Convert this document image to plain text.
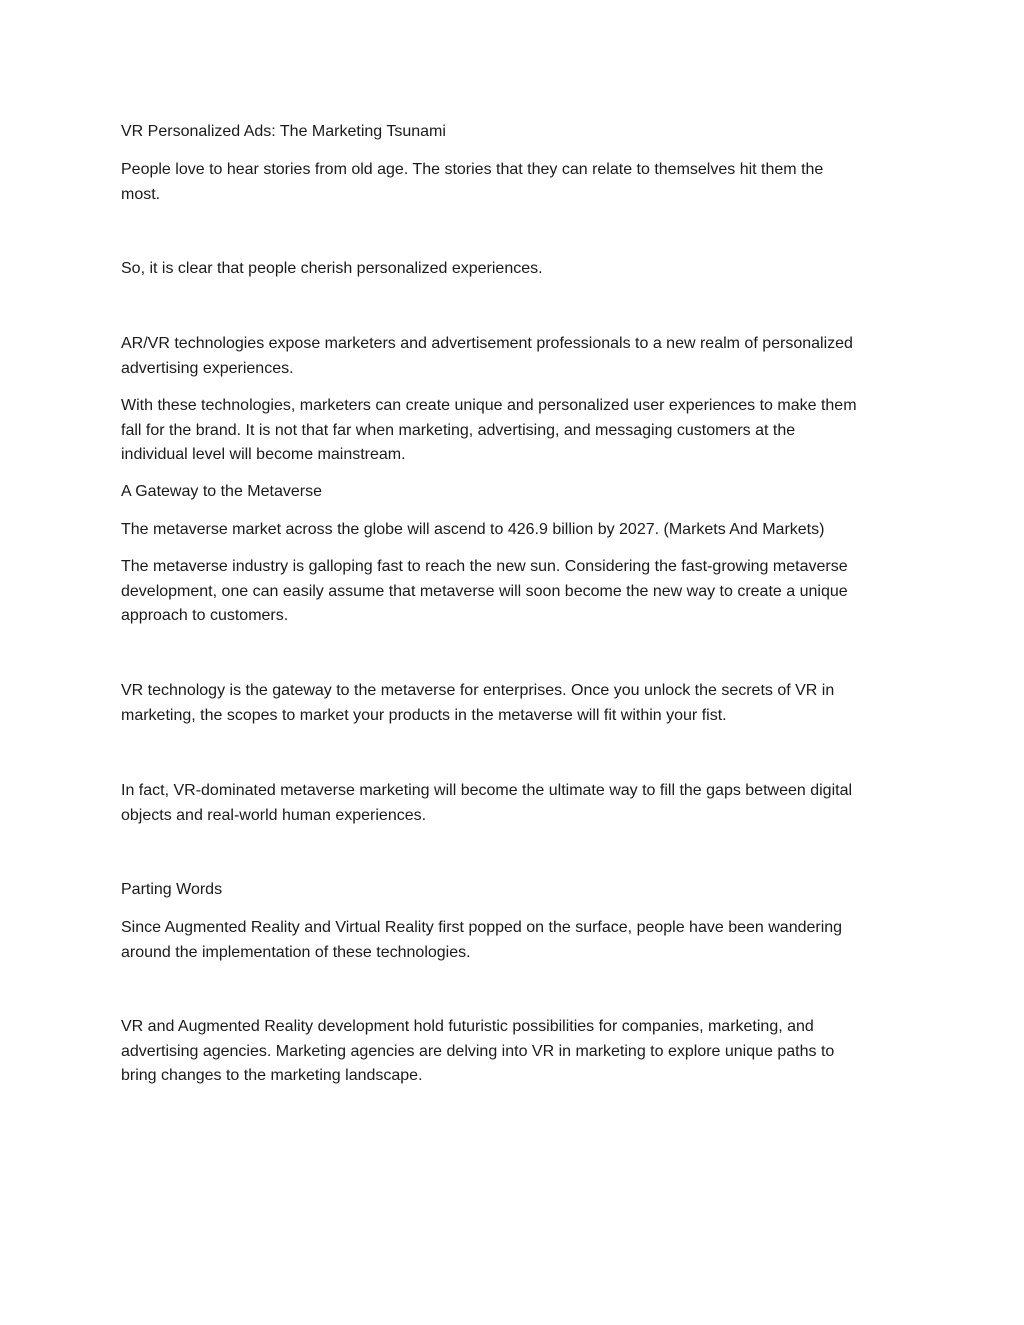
VR Personalized Ads: The Marketing Tsunami

People love to hear stories from old age. The stories that they can relate to themselves hit them the
most.

So, it is clear that people cherish personalized experiences.

AR/VR technologies expose marketers and advertisement professionals to a new realm of personalized
advertising experiences.

With these technologies, marketers can create unique and personalized user experiences to make them
fall for the brand. It is not that far when marketing, advertising, and messaging customers at the
individual level will become mainstream.

A Gateway to the Metaverse

The metaverse market across the globe will ascend to 426.9 billion by 2027. (Markets And Markets)

The metaverse industry is galloping fast to reach the new sun. Considering the fast-growing metaverse
development, one can easily assume that metaverse will soon become the new way to create a unique
approach to customers.

VR technology is the gateway to the metaverse for enterprises. Once you unlock the secrets of VR in
marketing, the scopes to market your products in the metaverse will fit within your fist.

In fact, VR-dominated metaverse marketing will become the ultimate way to fill the gaps between digital
objects and real-world human experiences.

Parting Words

Since Augmented Reality and Virtual Reality first popped on the surface, people have been wandering
around the implementation of these technologies.

VR and Augmented Reality development hold futuristic possibilities for companies, marketing, and
advertising agencies. Marketing agencies are delving into VR in marketing to explore unique paths to
bring changes to the marketing landscape.
